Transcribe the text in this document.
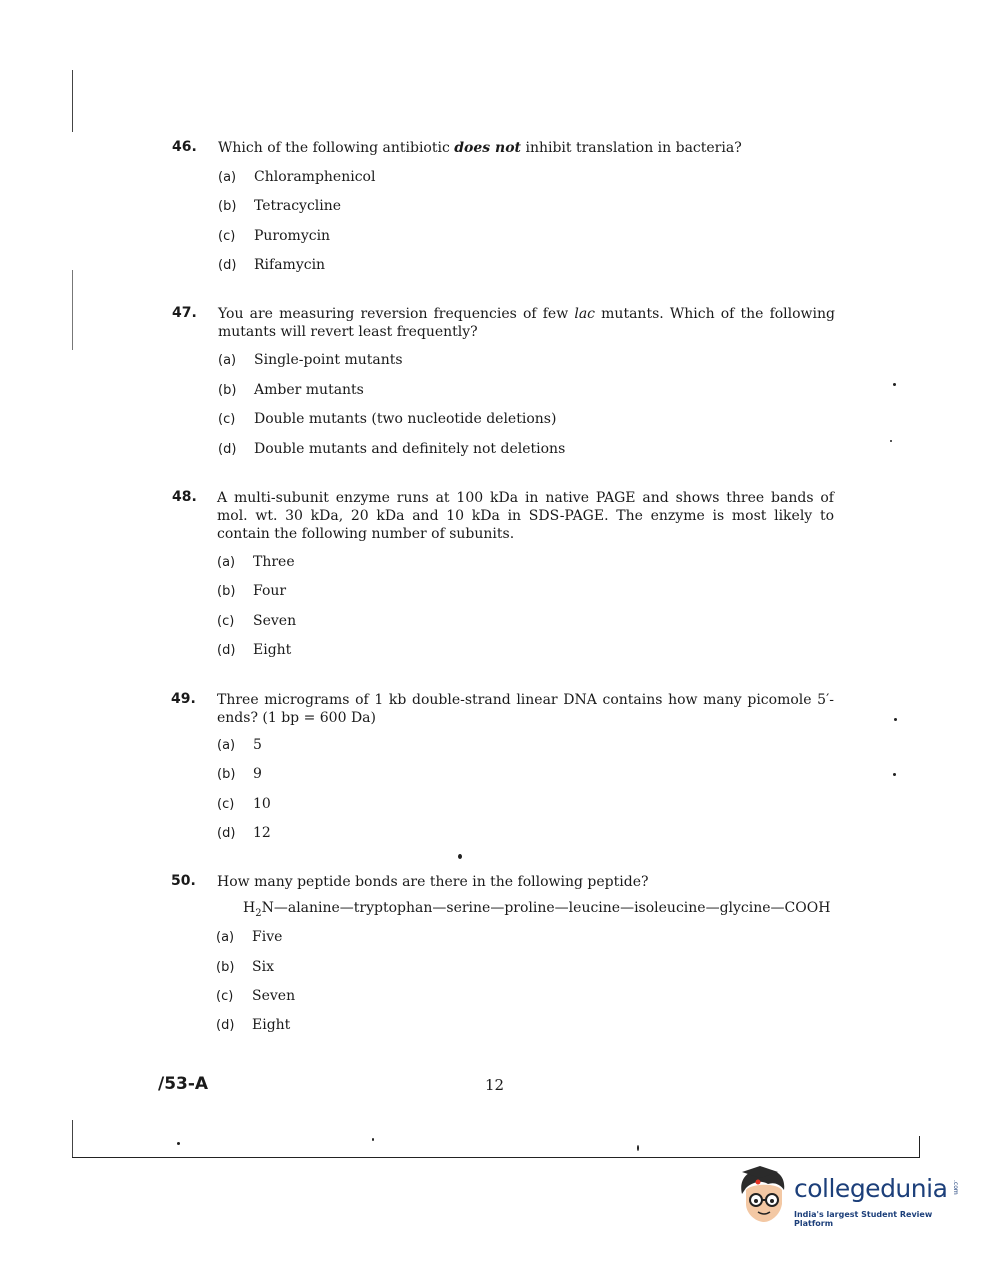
46. Which of the following antibiotic does not inhibit translation in bacteria?
(a) Chloramphenicol
(b) Tetracycline
(c) Puromycin
(d) Rifamycin
47. You are measuring reversion frequencies of few lac mutants. Which of the following mutants will revert least frequently?
(a) Single-point mutants
(b) Amber mutants
(c) Double mutants (two nucleotide deletions)
(d) Double mutants and definitely not deletions
48. A multi-subunit enzyme runs at 100 kDa in native PAGE and shows three bands of mol. wt. 30 kDa, 20 kDa and 10 kDa in SDS-PAGE. The enzyme is most likely to contain the following number of subunits.
(a) Three
(b) Four
(c) Seven
(d) Eight
49. Three micrograms of 1 kb double-strand linear DNA contains how many picomole 5′-ends? (1 bp = 600 Da)
(a) 5
(b) 9
(c) 10
(d) 12
50. How many peptide bonds are there in the following peptide?
$H_2N—alanine—tryptophan—serine—proline—leucine—isoleucine—glycine—COOH$
(a) Five
(b) Six
(c) Seven
(d) Eight
/53-A	12
collegedunia .com
India's largest Student Review Platform
